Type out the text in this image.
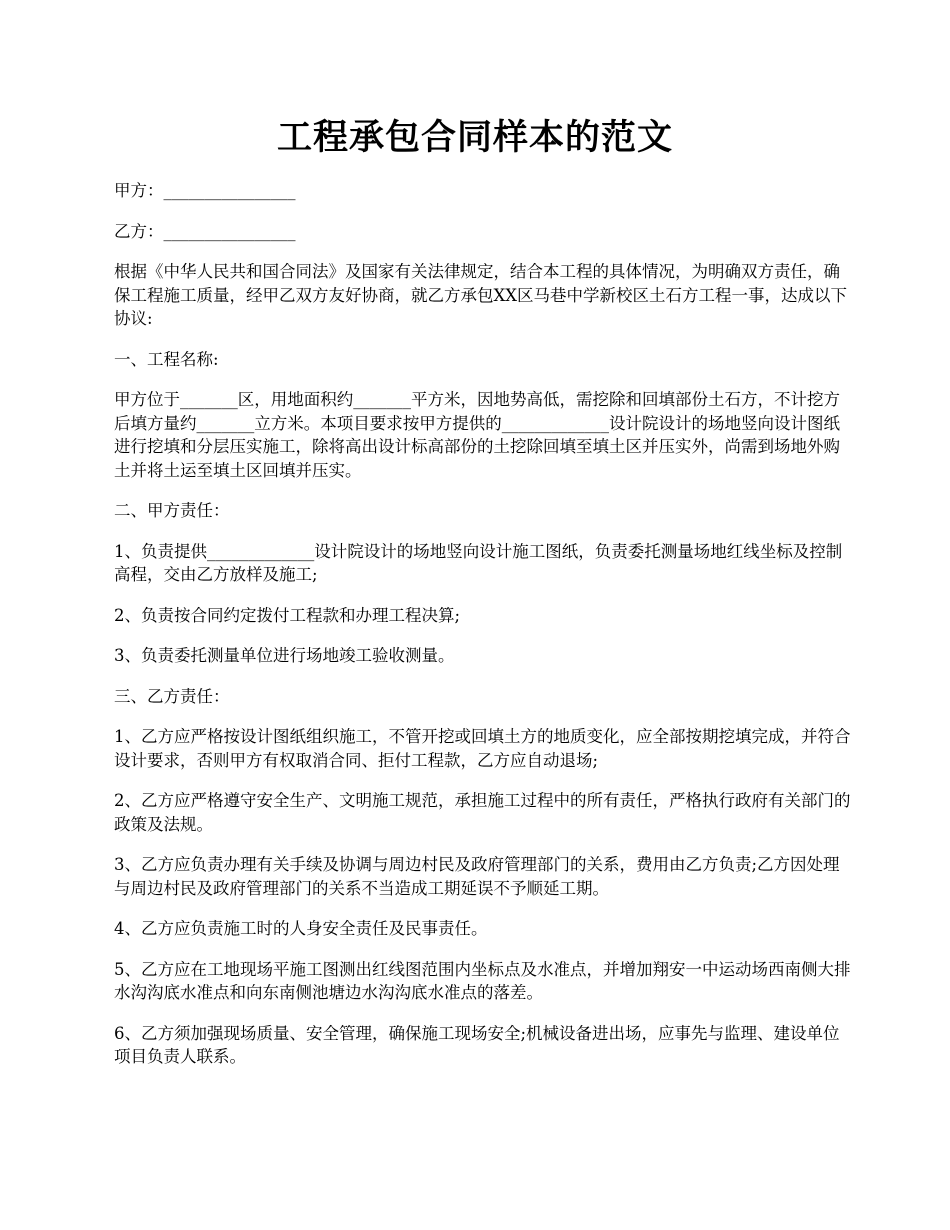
工程承包合同样本的范文

甲方：________________

乙方：________________

根据《中华人民共和国合同法》及国家有关法律规定，结合本工程的具体情况，为明确双方责任，确保工程施工质量，经甲乙双方友好协商，就乙方承包XX区马巷中学新校区土石方工程一事，达成以下协议:

一、工程名称:

甲方位于_______区，用地面积约_______平方米，因地势高低，需挖除和回填部份土石方，不计挖方后填方量约_______立方米。本项目要求按甲方提供的_____________设计院设计的场地竖向设计图纸进行挖填和分层压实施工，除将高出设计标高部份的土挖除回填至填土区并压实外，尚需到场地外购土并将土运至填土区回填并压实。

二、甲方责任：

1、负责提供_____________设计院设计的场地竖向设计施工图纸，负责委托测量场地红线坐标及控制高程，交由乙方放样及施工;

2、负责按合同约定拨付工程款和办理工程决算;

3、负责委托测量单位进行场地竣工验收测量。

三、乙方责任：

1、乙方应严格按设计图纸组织施工，不管开挖或回填土方的地质变化，应全部按期挖填完成，并符合设计要求，否则甲方有权取消合同、拒付工程款，乙方应自动退场;

2、乙方应严格遵守安全生产、文明施工规范，承担施工过程中的所有责任，严格执行政府有关部门的政策及法规。

3、乙方应负责办理有关手续及协调与周边村民及政府管理部门的关系，费用由乙方负责;乙方因处理与周边村民及政府管理部门的关系不当造成工期延误不予顺延工期。

4、乙方应负责施工时的人身安全责任及民事责任。

5、乙方应在工地现场平施工图测出红线图范围内坐标点及水准点，并增加翔安一中运动场西南侧大排水沟沟底水准点和向东南侧池塘边水沟沟底水准点的落差。

6、乙方须加强现场质量、安全管理，确保施工现场安全;机械设备进出场，应事先与监理、建设单位项目负责人联系。
